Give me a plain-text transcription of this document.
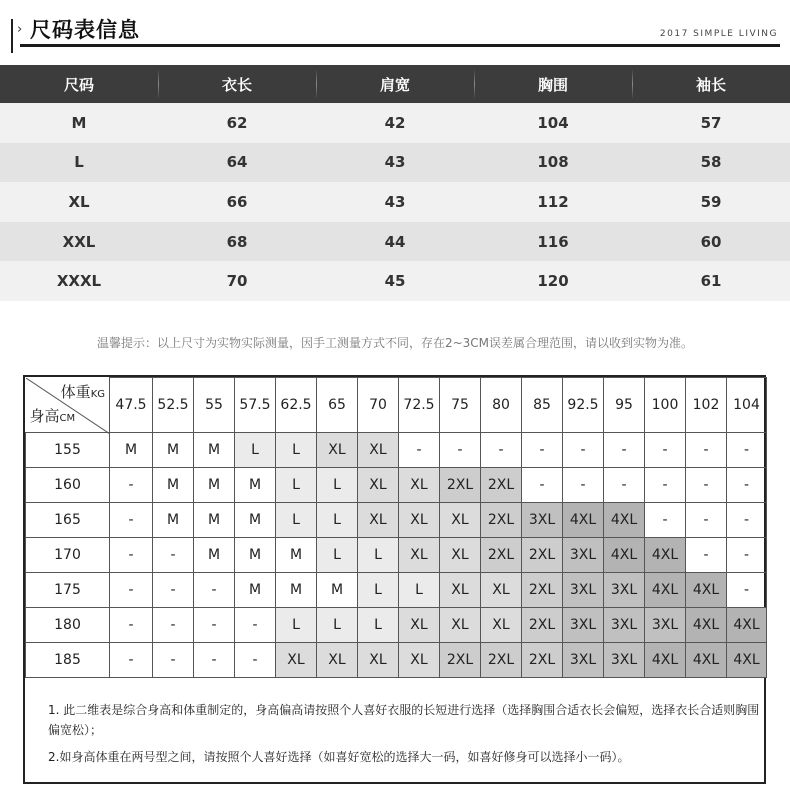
› 尺码表信息	2017 SIMPLE LIVING
尺码	衣长	肩宽	胸围	袖长
M	62	42	104	57
L	64	43	108	58
XL	66	43	112	59
XXL	68	44	116	60
XXXL	70	45	120	61
温馨提示：以上尺寸为实物实际测量，因手工测量方式不同，存在2~3CM误差属合理范围，请以收到实物为准。
体重KG
身高CM	47.5	52.5	55	57.5	62.5	65	70	72.5	75	80	85	92.5	95	100	102	104
155	M	M	M	L	L	XL	XL	-	-	-	-	-	-	-	-	-
160	-	M	M	M	L	L	XL	XL	2XL	2XL	-	-	-	-	-	-
165	-	M	M	M	L	L	XL	XL	XL	2XL	3XL	4XL	4XL	-	-	-
170	-	-	M	M	M	L	L	XL	XL	2XL	2XL	3XL	4XL	4XL	-	-
175	-	-	-	M	M	M	L	L	XL	XL	2XL	3XL	3XL	4XL	4XL	-
180	-	-	-	-	L	L	L	XL	XL	XL	2XL	3XL	3XL	3XL	4XL	4XL
185	-	-	-	-	XL	XL	XL	XL	2XL	2XL	2XL	3XL	3XL	4XL	4XL	4XL
1. 此二维表是综合身高和体重制定的，身高偏高请按照个人喜好衣服的长短进行选择（选择胸围合适衣长会偏短，选择衣长合适则胸围偏宽松）；
2.如身高体重在两号型之间，请按照个人喜好选择（如喜好宽松的选择大一码，如喜好修身可以选择小一码）。
